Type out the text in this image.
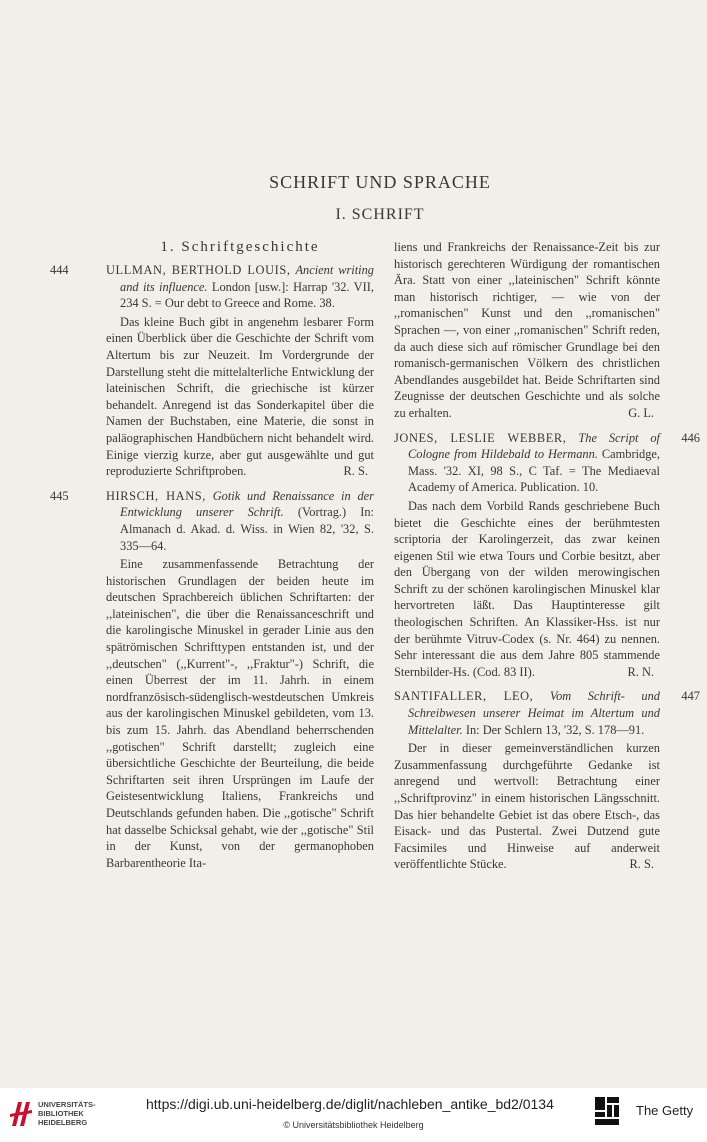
SCHRIFT UND SPRACHE
I. SCHRIFT
1. Schriftgeschichte
444	ULLMAN, BERTHOLD LOUIS, Ancient writing and its influence. London [usw.]: Harrap '32. VII, 234 S. = Our debt to Greece and Rome. 38.

Das kleine Buch gibt in angenehm lesbarer Form einen Überblick über die Geschichte der Schrift vom Altertum bis zur Neuzeit. Im Vordergrunde der Darstellung steht die mittelalterliche Entwicklung der lateinischen Schrift, die griechische ist kürzer behandelt. Anregend ist das Sonderkapitel über die Namen der Buchstaben, eine Materie, die sonst in paläographischen Handbüchern nicht behandelt wird. Einige vierzig kurze, aber gut ausgewählte und gut reproduzierte Schriftproben.	R. S.

445	HIRSCH, HANS, Gotik und Renaissance in der Entwicklung unserer Schrift. (Vortrag.) In: Almanach d. Akad. d. Wiss. in Wien 82, '32, S. 335—64.

Eine zusammenfassende Betrachtung der historischen Grundlagen der beiden heute im deutschen Sprachbereich üblichen Schriftarten: der ,,lateinischen", die über die Renaissanceschrift und die karolingische Minuskel in gerader Linie aus den spätrömischen Schrifttypen entstanden ist, und der ,,deutschen" (,,Kurrent"-, ,,Fraktur"-) Schrift, die einen Überrest der im 11. Jahrh. in einem nordfranzösisch-südenglisch-westdeutschen Umkreis aus der karolingischen Minuskel gebildeten, vom 13. bis zum 15. Jahrh. das Abendland beherrschenden ,,gotischen" Schrift darstellt; zugleich eine übersichtliche Geschichte der Beurteilung, die beide Schriftarten seit ihren Ursprüngen im Laufe der Geistesentwicklung Italiens, Frankreichs und Deutschlands gefunden haben. Die ,,gotische" Schrift hat dasselbe Schicksal gehabt, wie der ,,gotische" Stil in der Kunst, von der germanophoben Barbarentheorie Ita-

liens und Frankreichs der Renaissance-Zeit bis zur historisch gerechteren Würdigung der romantischen Ära. Statt von einer ,,lateinischen" Schrift könnte man historisch richtiger, — wie von der ,,romanischen" Kunst und den ,,romanischen" Sprachen —, von einer ,,romanischen" Schrift reden, da auch diese sich auf römischer Grundlage bei den romanisch-germanischen Völkern des christlichen Abendlandes ausgebildet hat. Beide Schriftarten sind Zeugnisse der deutschen Geschichte und als solche zu erhalten.	G. L.

446
JONES, LESLIE WEBBER, The Script of Cologne from Hildebald to Hermann. Cambridge, Mass. '32. XI, 98 S., C Taf. = The Mediaeval Academy of America. Publication. 10.

Das nach dem Vorbild Rands geschriebene Buch bietet die Geschichte eines der berühmtesten scriptoria der Karolingerzeit, das zwar keinen eigenen Stil wie etwa Tours und Corbie besitzt, aber den Übergang von der wilden merowingischen Schrift zu der schönen karolingischen Minuskel klar hervortreten läßt. Das Hauptinteresse gilt theologischen Schriften. An Klassiker-Hss. ist nur der berühmte Vitruv-Codex (s. Nr. 464) zu nennen. Sehr interessant die aus dem Jahre 805 stammende Sternbilder-Hs. (Cod. 83 II).	R. N.

447
SANTIFALLER, LEO, Vom Schrift- und Schreibwesen unserer Heimat im Altertum und Mittelalter. In: Der Schlern 13, '32, S. 178—91.

Der in dieser gemeinverständlichen kurzen Zusammenfassung durchgeführte Gedanke ist anregend und wertvoll: Betrachtung einer ,,Schriftprovinz" in einem historischen Längsschnitt. Das hier behandelte Gebiet ist das obere Etsch-, das Eisack- und das Pustertal. Zwei Dutzend gute Facsimiles und Hinweise auf anderweit veröffentlichte Stücke.	R. S.

UNIVERSITÄTS-
BIBLIOTHEK
HEIDELBERG
https://digi.ub.uni-heidelberg.de/diglit/nachleben_antike_bd2/0134
© Universitätsbibliothek Heidelberg
The Getty
